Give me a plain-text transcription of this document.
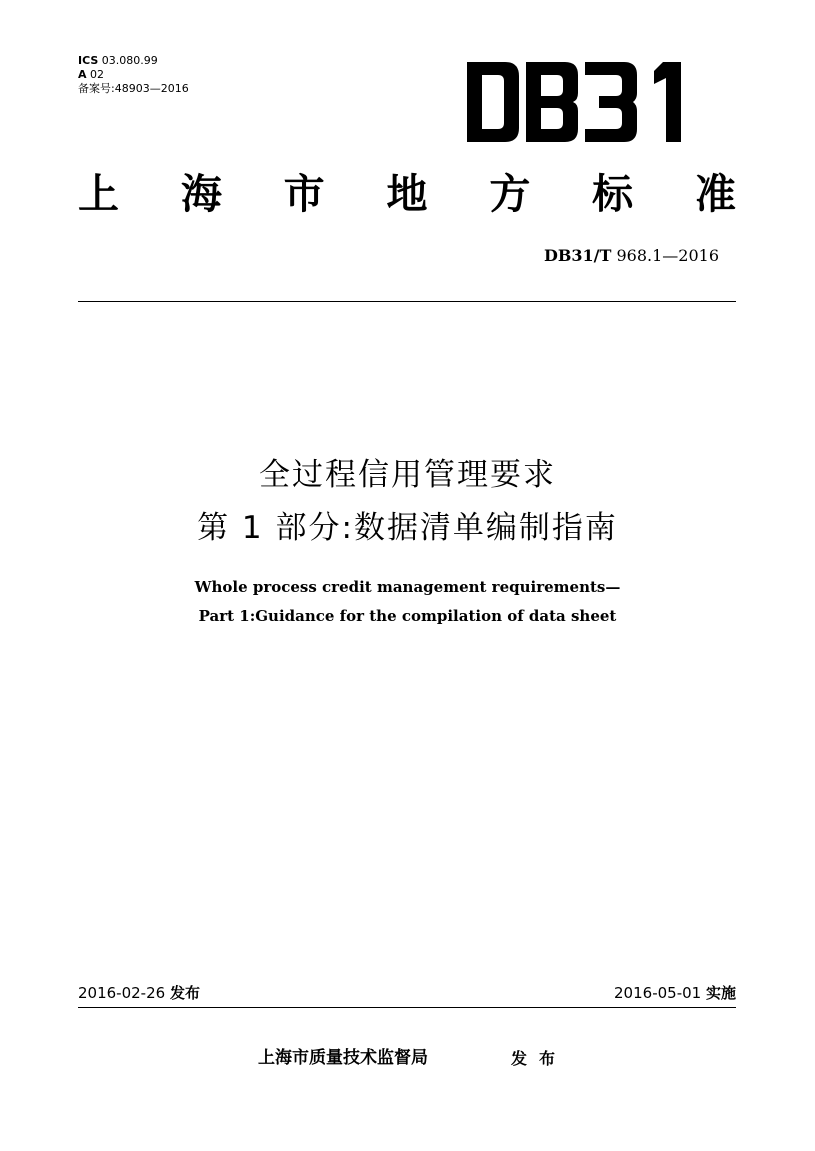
ICS 03.080.99
A 02
备案号:48903—2016
上 海 市 地 方 标 准
DB31/T 968.1—2016
全过程信用管理要求
第 1 部分:数据清单编制指南
Whole process credit management requirements—
Part 1:Guidance for the compilation of data sheet
2016-02-26 发布	2016-05-01 实施
上海市质量技术监督局	发布
